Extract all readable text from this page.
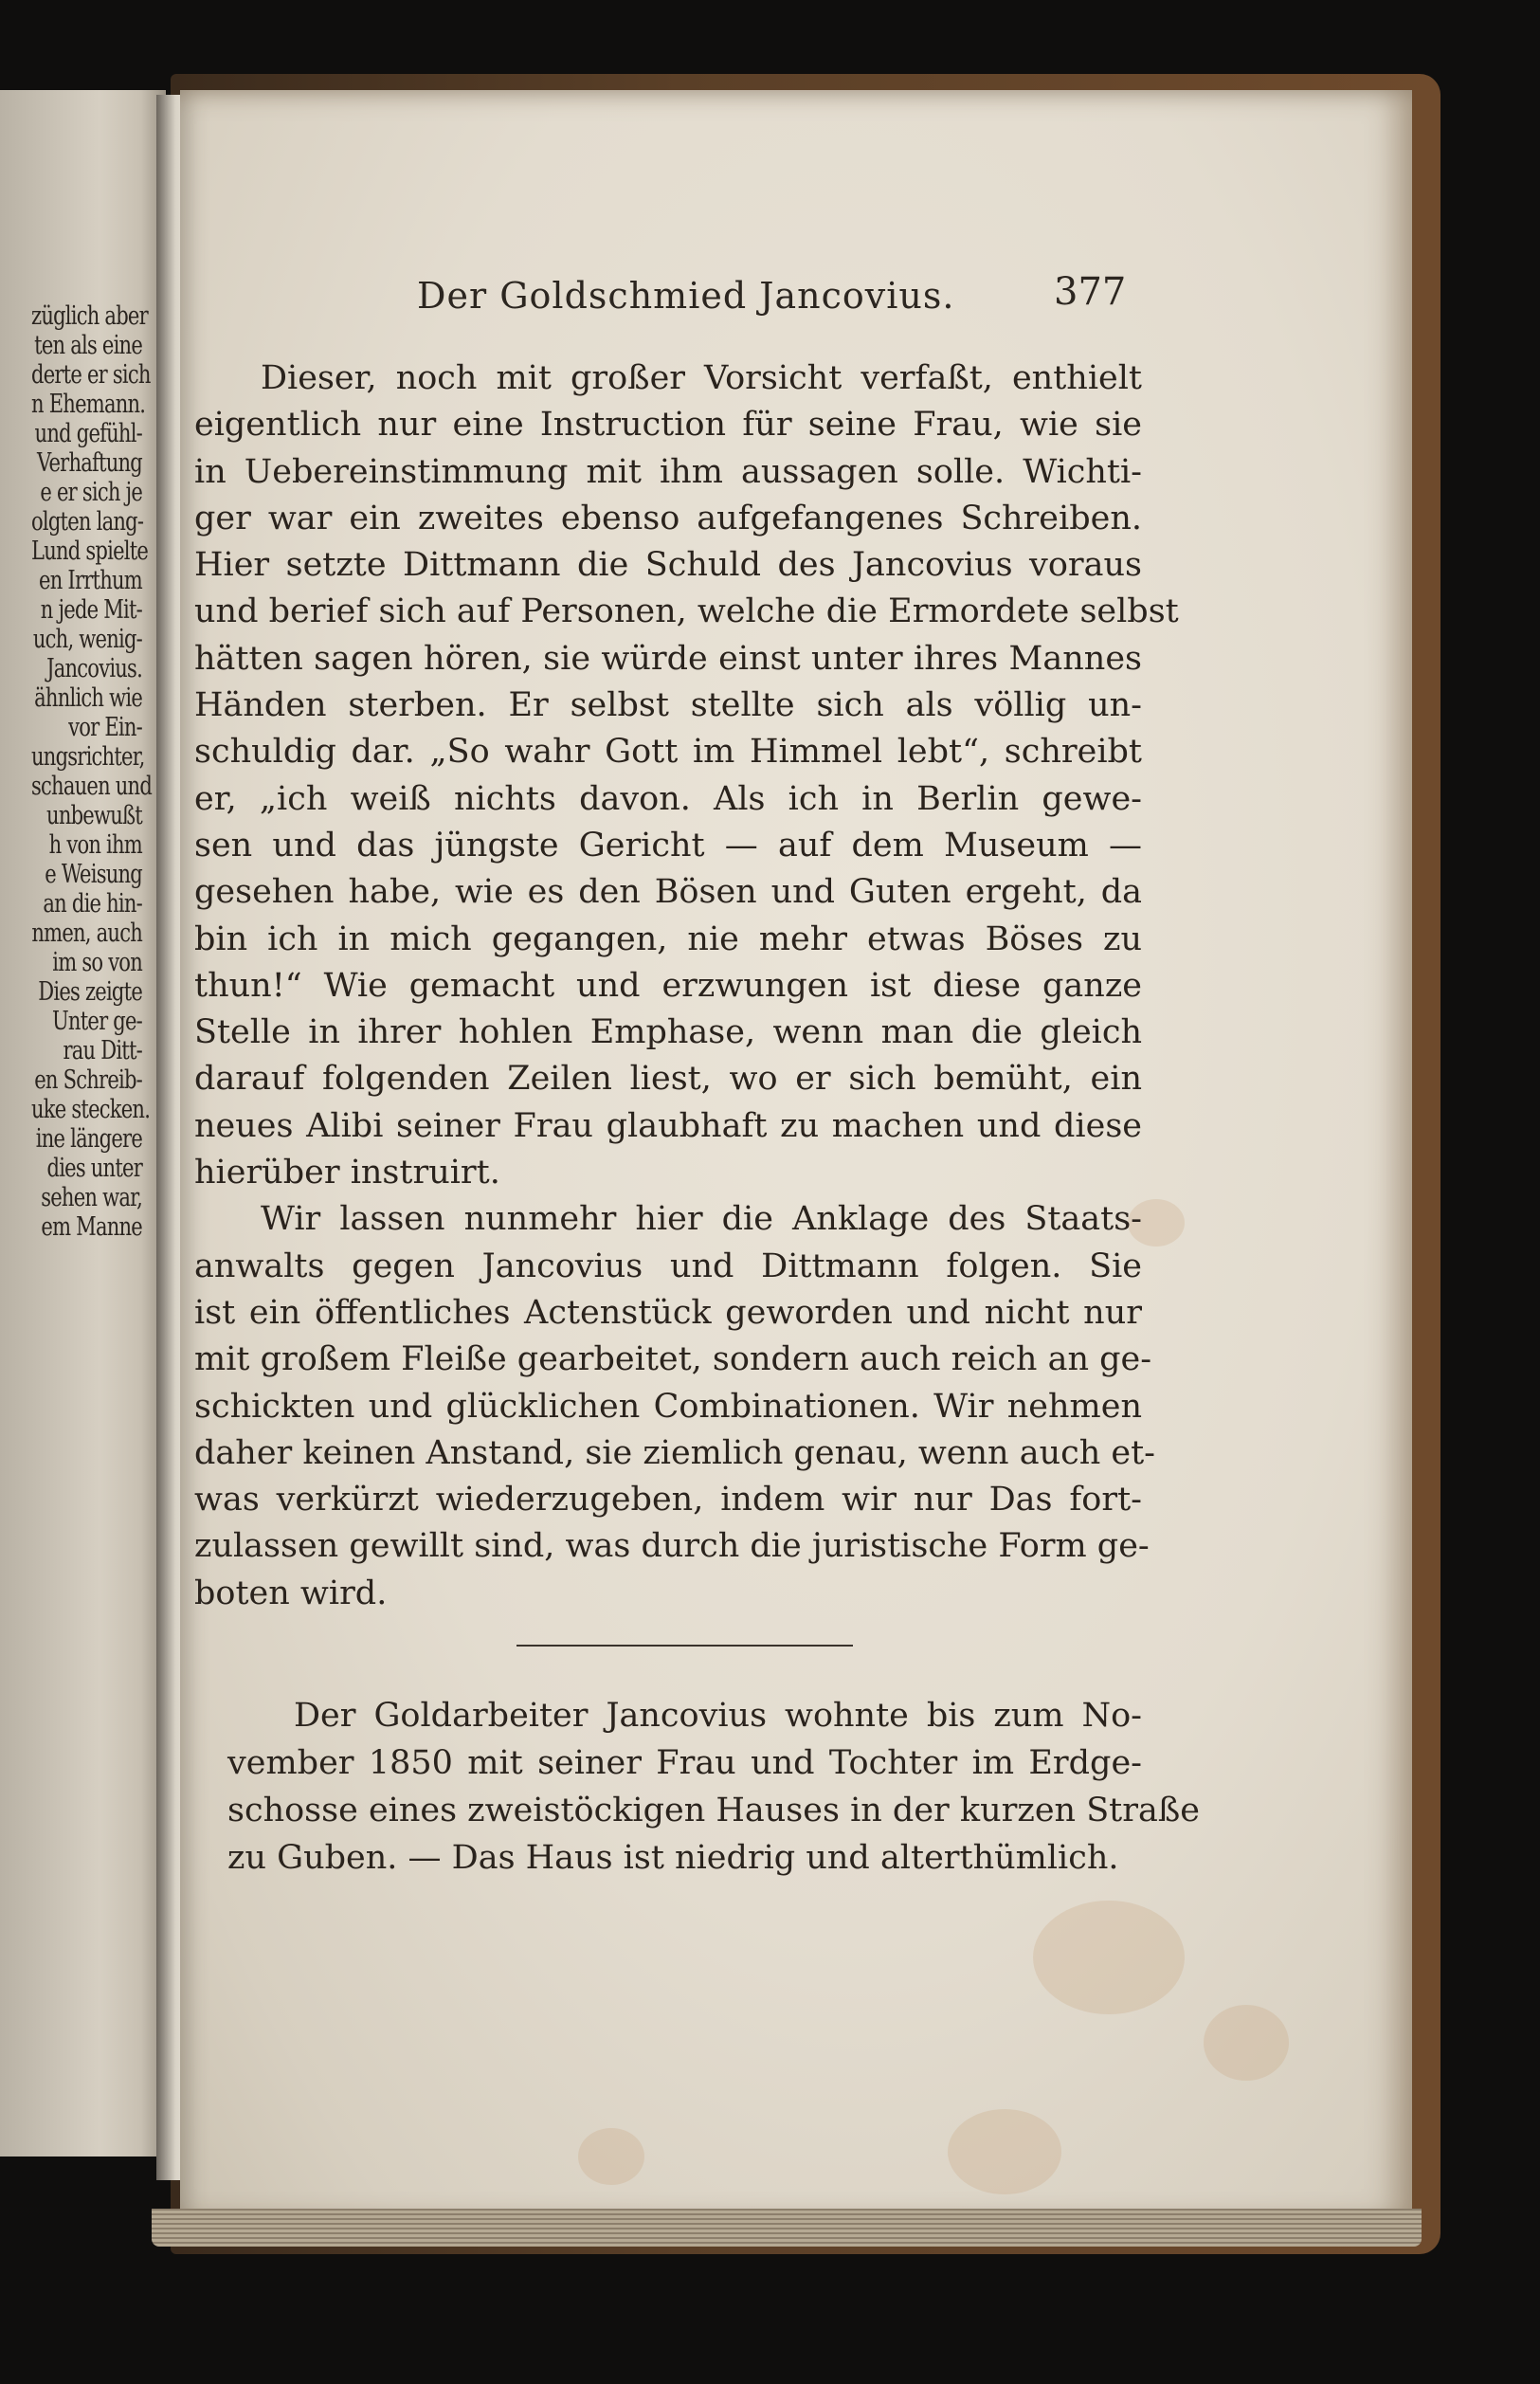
züglich aber
ten als eine
derte er sich
n Ehemann.
und gefühl-
Verhaftung
e er sich je
olgten lang-
Lund spielte
en Irrthum
n jede Mit-
uch, wenig-
Jancovius.
ähnlich wie
vor Ein-
ungsrichter,
schauen und
unbewußt
h von ihm
e Weisung
an die hin-
nmen, auch
im so von
Dies zeigte
Unter ge-
rau Ditt-
en Schreib-
uke stecken.
ine längere
dies unter
sehen war,
em Manne
Der Goldschmied Jancovius.	377
Dieser, noch mit großer Vorsicht verfaßt, enthielt
eigentlich nur eine Instruction für seine Frau, wie sie
in Uebereinstimmung mit ihm aussagen solle. Wichti-
ger war ein zweites ebenso aufgefangenes Schreiben.
Hier setzte Dittmann die Schuld des Jancovius voraus
und berief sich auf Personen, welche die Ermordete selbst
hätten sagen hören, sie würde einst unter ihres Mannes
Händen sterben. Er selbst stellte sich als völlig un-
schuldig dar. „So wahr Gott im Himmel lebt“, schreibt
er, „ich weiß nichts davon. Als ich in Berlin gewe-
sen und das jüngste Gericht — auf dem Museum —
gesehen habe, wie es den Bösen und Guten ergeht, da
bin ich in mich gegangen, nie mehr etwas Böses zu
thun!“ Wie gemacht und erzwungen ist diese ganze
Stelle in ihrer hohlen Emphase, wenn man die gleich
darauf folgenden Zeilen liest, wo er sich bemüht, ein
neues Alibi seiner Frau glaubhaft zu machen und diese
hierüber instruirt.
Wir lassen nunmehr hier die Anklage des Staats-
anwalts gegen Jancovius und Dittmann folgen. Sie
ist ein öffentliches Actenstück geworden und nicht nur
mit großem Fleiße gearbeitet, sondern auch reich an ge-
schickten und glücklichen Combinationen. Wir nehmen
daher keinen Anstand, sie ziemlich genau, wenn auch et-
was verkürzt wiederzugeben, indem wir nur Das fort-
zulassen gewillt sind, was durch die juristische Form ge-
boten wird.
Der Goldarbeiter Jancovius wohnte bis zum No-
vember 1850 mit seiner Frau und Tochter im Erdge-
schosse eines zweistöckigen Hauses in der kurzen Straße
zu Guben. — Das Haus ist niedrig und alterthümlich.
